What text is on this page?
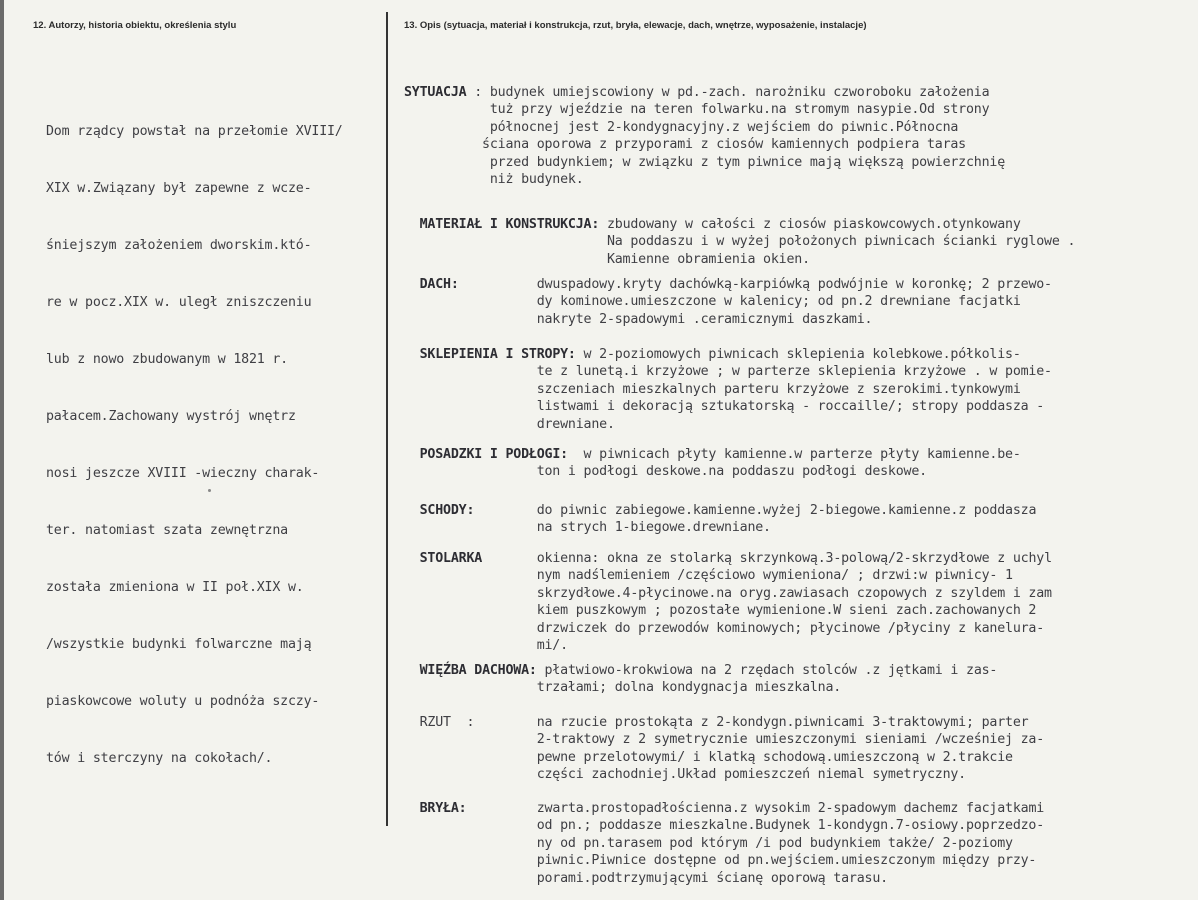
12. Autorzy, historia obiektu, określenia stylu	13. Opis (sytuacja, materiał i konstrukcja, rzut, bryła, elewacje, dach, wnętrze, wyposażenie, instalacje)

Dom rządcy powstał na przełomie XVIII/

XIX w.Związany był zapewne z wcze-

śniejszym założeniem dworskim.któ-

re w pocz.XIX w. uległ zniszczeniu

lub z nowo zbudowanym w 1821 r.

pałacem.Zachowany wystrój wnętrz

nosi jeszcze XVIII -wieczny charak-

ter. natomiast szata zewnętrzna

została zmieniona w II poł.XIX w.

/wszystkie budynki folwarczne mają

piaskowcowe woluty u podnóża szczy-

tów i sterczyny na cokołach/.

SYTUACJA : budynek umiejscowiony w pd.-zach. narożniku czworoboku założenia
tuż przy wjeździe na teren folwarku.na stromym nasypie.Od strony
północnej jest 2-kondygnacyjny.z wejściem do piwnic.Północna
ściana oporowa z przyporami z ciosów kamiennych podpiera taras
przed budynkiem; w związku z tym piwnice mają większą powierzchnię
niż budynek.
MATERIAŁ I KONSTRUKCJA: zbudowany w całości z ciosów piaskowcowych.otynkowany
Na poddaszu i w wyżej położonych piwnicach ścianki ryglowe .
Kamienne obramienia okien.
DACH:          dwuspadowy.kryty dachówką-karpiówką podwójnie w koronkę; 2 przewo-
dy kominowe.umieszczone w kalenicy; od pn.2 drewniane facjatki
nakryte 2-spadowymi .ceramicznymi daszkami.
SKLEPIENIA I STROPY: w 2-poziomowych piwnicach sklepienia kolebkowe.półkolis-
te z lunetą.i krzyżowe ; w parterze sklepienia krzyżowe . w pomie-
szczeniach mieszkalnych parteru krzyżowe z szerokimi.tynkowymi
listwami i dekoracją sztukatorską - roccaille/; stropy poddasza -
drewniane.
POSADZKI I PODŁOGI:  w piwnicach płyty kamienne.w parterze płyty kamienne.be-
ton i podłogi deskowe.na poddaszu podłogi deskowe.
SCHODY:        do piwnic zabiegowe.kamienne.wyżej 2-biegowe.kamienne.z poddasza
na strych 1-biegowe.drewniane.
STOLARKA       okienna: okna ze stolarką skrzynkową.3-polową/2-skrzydłowe z uchyl
nym nadślemieniem /częściowo wymieniona/ ; drzwi:w piwnicy- 1
skrzydłowe.4-płycinowe.na oryg.zawiasach czopowych z szyldem i zam
kiem puszkowym ; pozostałe wymienione.W sieni zach.zachowanych 2
drzwiczek do przewodów kominowych; płycinowe /płyciny z kanelura-
mi/.
WIĘŹBA DACHOWA: płatwiowo-krokwiowa na 2 rzędach stolców .z jętkami i zas-
trzałami; dolna kondygnacja mieszkalna.
RZUT  :        na rzucie prostokąta z 2-kondygn.piwnicami 3-traktowymi; parter
2-traktowy z 2 symetrycznie umieszczonymi sieniami /wcześniej za-
pewne przelotowymi/ i klatką schodową.umieszczoną w 2.trakcie
części zachodniej.Układ pomieszczeń niemal symetryczny.
BRYŁA:         zwarta.prostopadłościenna.z wysokim 2-spadowym dachemz facjatkami
od pn.; poddasze mieszkalne.Budynek 1-kondygn.7-osiowy.poprzedzo-
ny od pn.tarasem pod którym /i pod budynkiem także/ 2-poziomy
piwnic.Piwnice dostępne od pn.wejściem.umieszczonym między przy-
porami.podtrzymującymi ścianę oporową tarasu.
